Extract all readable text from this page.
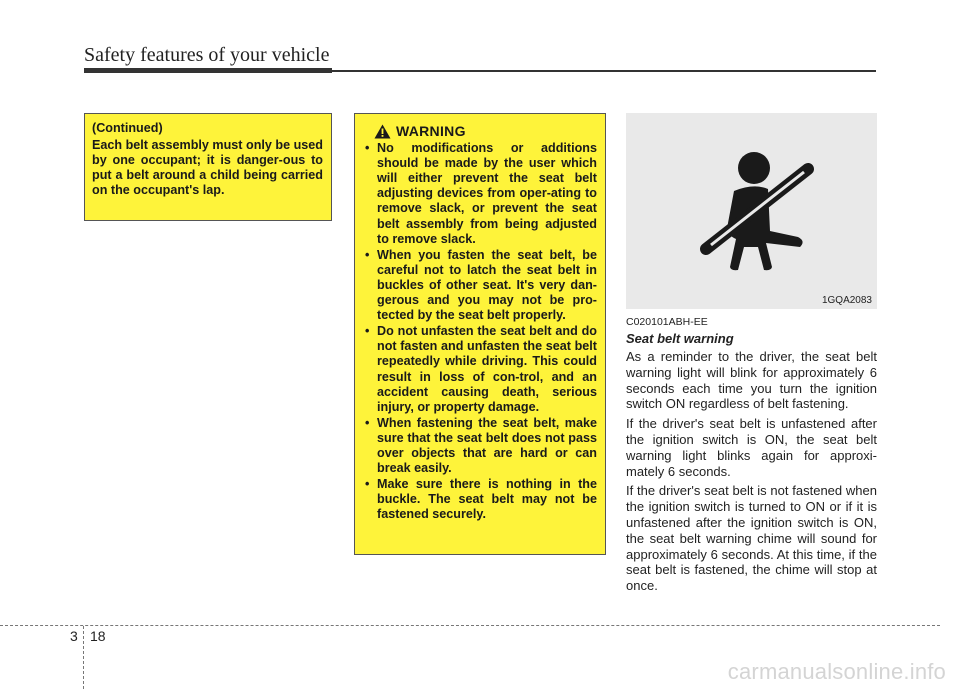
Safety features of your vehicle

(Continued)

Each belt assembly must only be used by one occupant; it is danger-ous to put a belt around a child being carried on the occupant's lap.

WARNING
• No modifications or additions should be made by the user which will either prevent the seat belt adjusting devices from oper-ating to remove slack, or prevent the seat belt assembly from being adjusted to remove slack.
• When you fasten the seat belt, be careful not to latch the seat belt in buckles of other seat. It's very dan-gerous and you may not be pro-tected by the seat belt properly.
• Do not unfasten the seat belt and do not fasten and unfasten the seat belt repeatedly while driving. This could result in loss of con-trol, and an accident causing death, serious injury, or property damage.
• When fastening the seat belt, make sure that the seat belt does not pass over objects that are hard or can break easily.
• Make sure there is nothing in the buckle. The seat belt may not be fastened securely.
1GQA2083
C020101ABH-EE
Seat belt warning

As a reminder to the driver, the seat belt warning light will blink for approximately 6 seconds each time you turn the ignition switch ON regardless of belt fastening.

If the driver's seat belt is unfastened after the ignition switch is ON, the seat belt warning light blinks again for approxi-mately 6 seconds.

If the driver's seat belt is not fastened when the ignition switch is turned to ON or if it is unfastened after the ignition switch is ON, the seat belt warning chime will sound for approximately 6 seconds. At this time, if the seat belt is fastened, the chime will stop at once.

3 18
carmanualsonline.info
